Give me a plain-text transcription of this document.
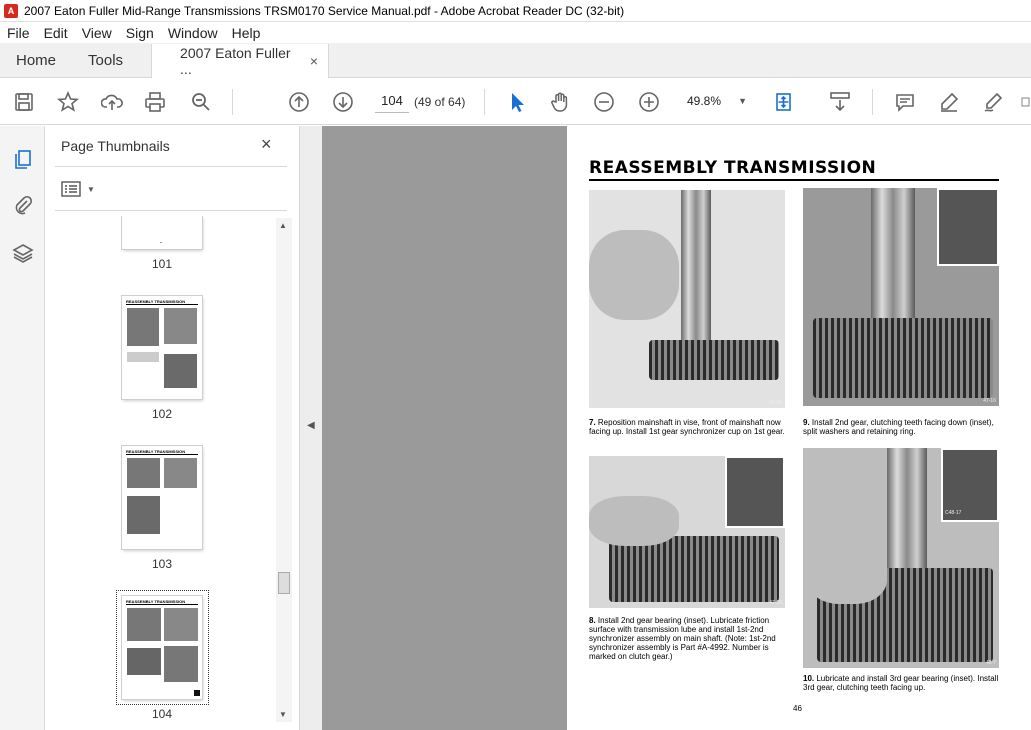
A 2007 Eaton Fuller Mid-Range Transmissions TRSM0170 Service Manual.pdf - Adobe Acrobat Reader DC (32-bit)
File	Edit	View	Sign	Window	Help
Home	Tools	2007 Eaton Fuller ...	×
104 (49 of 64)	49.8% ▼
Page Thumbnails	×
▼
101
REASSEMBLY TRANSMISSION
102
REASSEMBLY TRANSMISSION
103
REASSEMBLY TRANSMISSION
104
▲
▼
◀
REASSEMBLY TRANSMISSION
63-10	47-16
7. Reposition mainshaft in vise, front of mainshaft now facing up. Install 1st gear synchronizer cup on 1st gear.
9. Install 2nd gear, clutching teeth facing down (inset), split washers and retaining ring.
47-15
48-7
C48-17
8. Install 2nd gear bearing (inset). Lubricate friction surface with transmission lube and install 1st-2nd synchronizer assembly on main shaft. (Note: 1st-2nd synchronizer assembly is Part #A-4992. Number is marked on clutch gear.)
10. Lubricate and install 3rd gear bearing (inset). Install 3rd gear, clutching teeth facing up.
46
